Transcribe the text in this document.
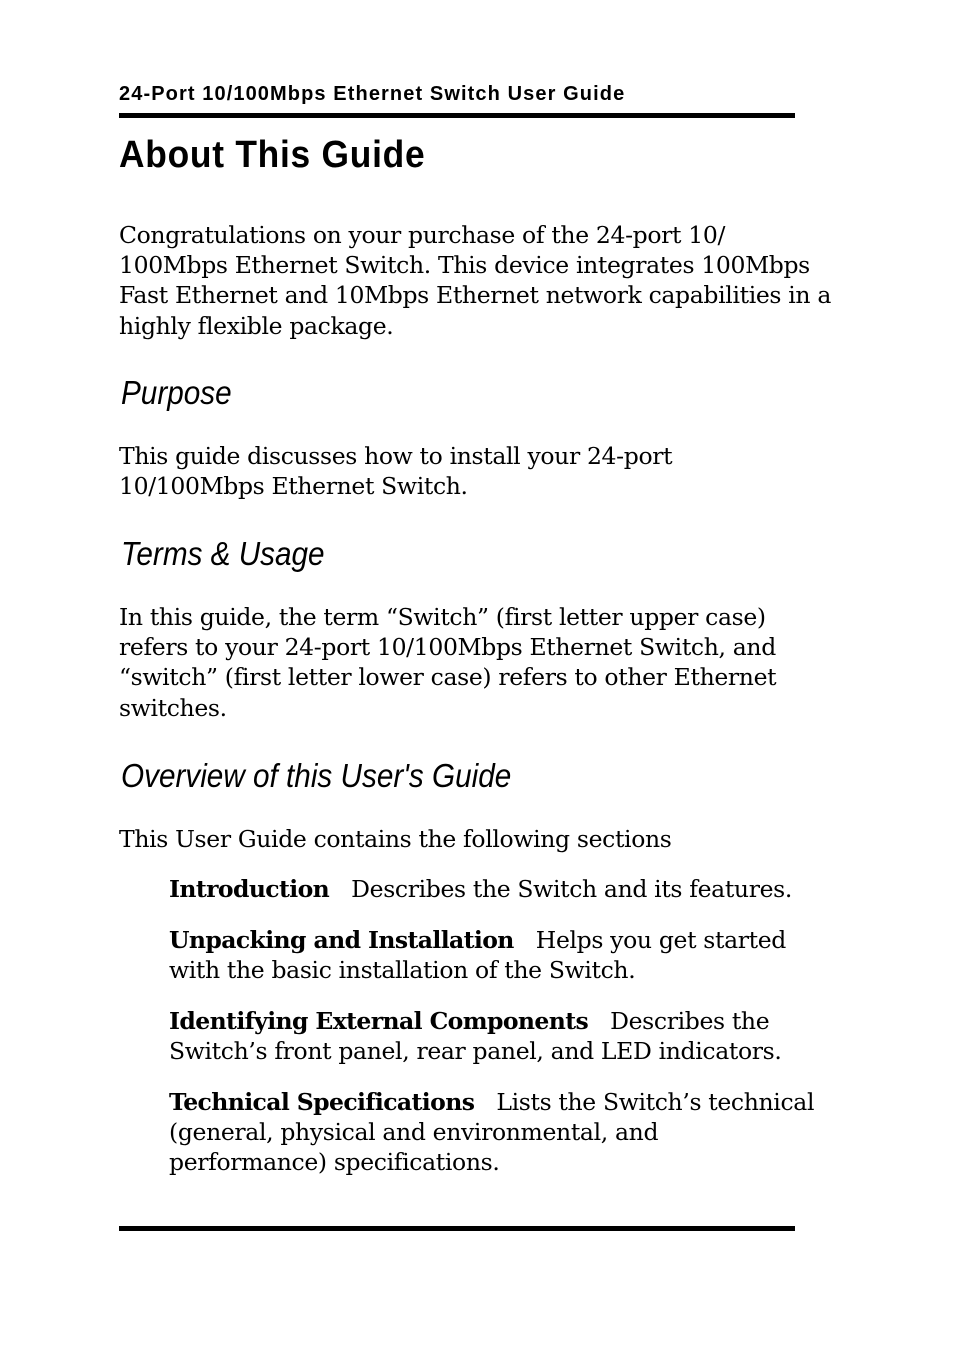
24-Port 10/100Mbps Ethernet Switch User Guide
About This Guide
Congratulations on your purchase of the 24-port 10/
100Mbps Ethernet Switch. This device integrates 100Mbps
Fast Ethernet and 10Mbps Ethernet network capabilities in a
highly flexible package.
Purpose
This guide discusses how to install your 24-port
10/100Mbps Ethernet Switch.
Terms & Usage
In this guide, the term “Switch” (first letter upper case)
refers to your 24-port 10/100Mbps Ethernet Switch, and
“switch” (first letter lower case) refers to other Ethernet
switches.
Overview of this User's Guide
This User Guide contains the following sections
Introduction Describes the Switch and its features.
Unpacking and Installation Helps you get started
with the basic installation of the Switch.
Identifying External Components Describes the
Switch’s front panel, rear panel, and LED indicators.
Technical Specifications Lists the Switch’s technical
(general, physical and environmental, and
performance) specifications.
